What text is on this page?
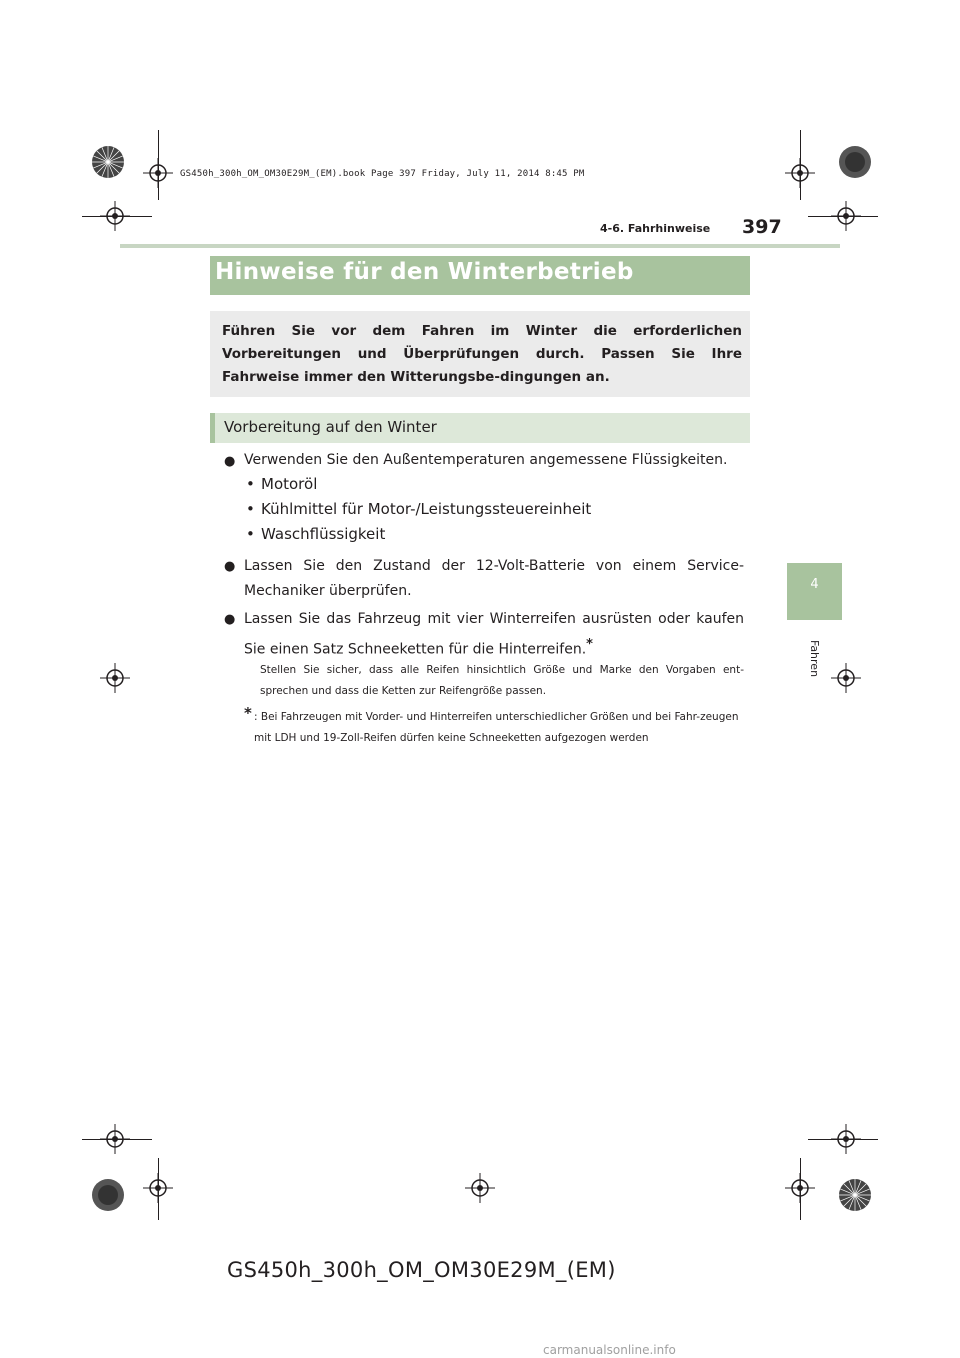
GS450h_300h_OM_OM30E29M_(EM).book Page 397 Friday, July 11, 2014 8:45 PM
4-6. Fahrhinweise 397
4
Fahren
Hinweise für den Winterbetrieb
Führen Sie vor dem Fahren im Winter die erforderlichen Vorbereitungen und Überprüfungen durch. Passen Sie Ihre Fahrweise immer den Witterungsbe-dingungen an.
Vorbereitung auf den Winter
● Verwenden Sie den Außentemperaturen angemessene Flüssigkeiten.
• Motoröl
• Kühlmittel für Motor-/Leistungssteuereinheit
• Waschflüssigkeit
● Lassen Sie den Zustand der 12-Volt-Batterie von einem Service-Mechaniker überprüfen.
● Lassen Sie das Fahrzeug mit vier Winterreifen ausrüsten oder kaufen Sie einen Satz Schneeketten für die Hinterreifen.*
Stellen Sie sicher, dass alle Reifen hinsichtlich Größe und Marke den Vorgaben ent-sprechen und dass die Ketten zur Reifengröße passen.
* : Bei Fahrzeugen mit Vorder- und Hinterreifen unterschiedlicher Größen und bei Fahr-zeugen mit LDH und 19-Zoll-Reifen dürfen keine Schneeketten aufgezogen werden
GS450h_300h_OM_OM30E29M_(EM)
carmanualsonline.info
